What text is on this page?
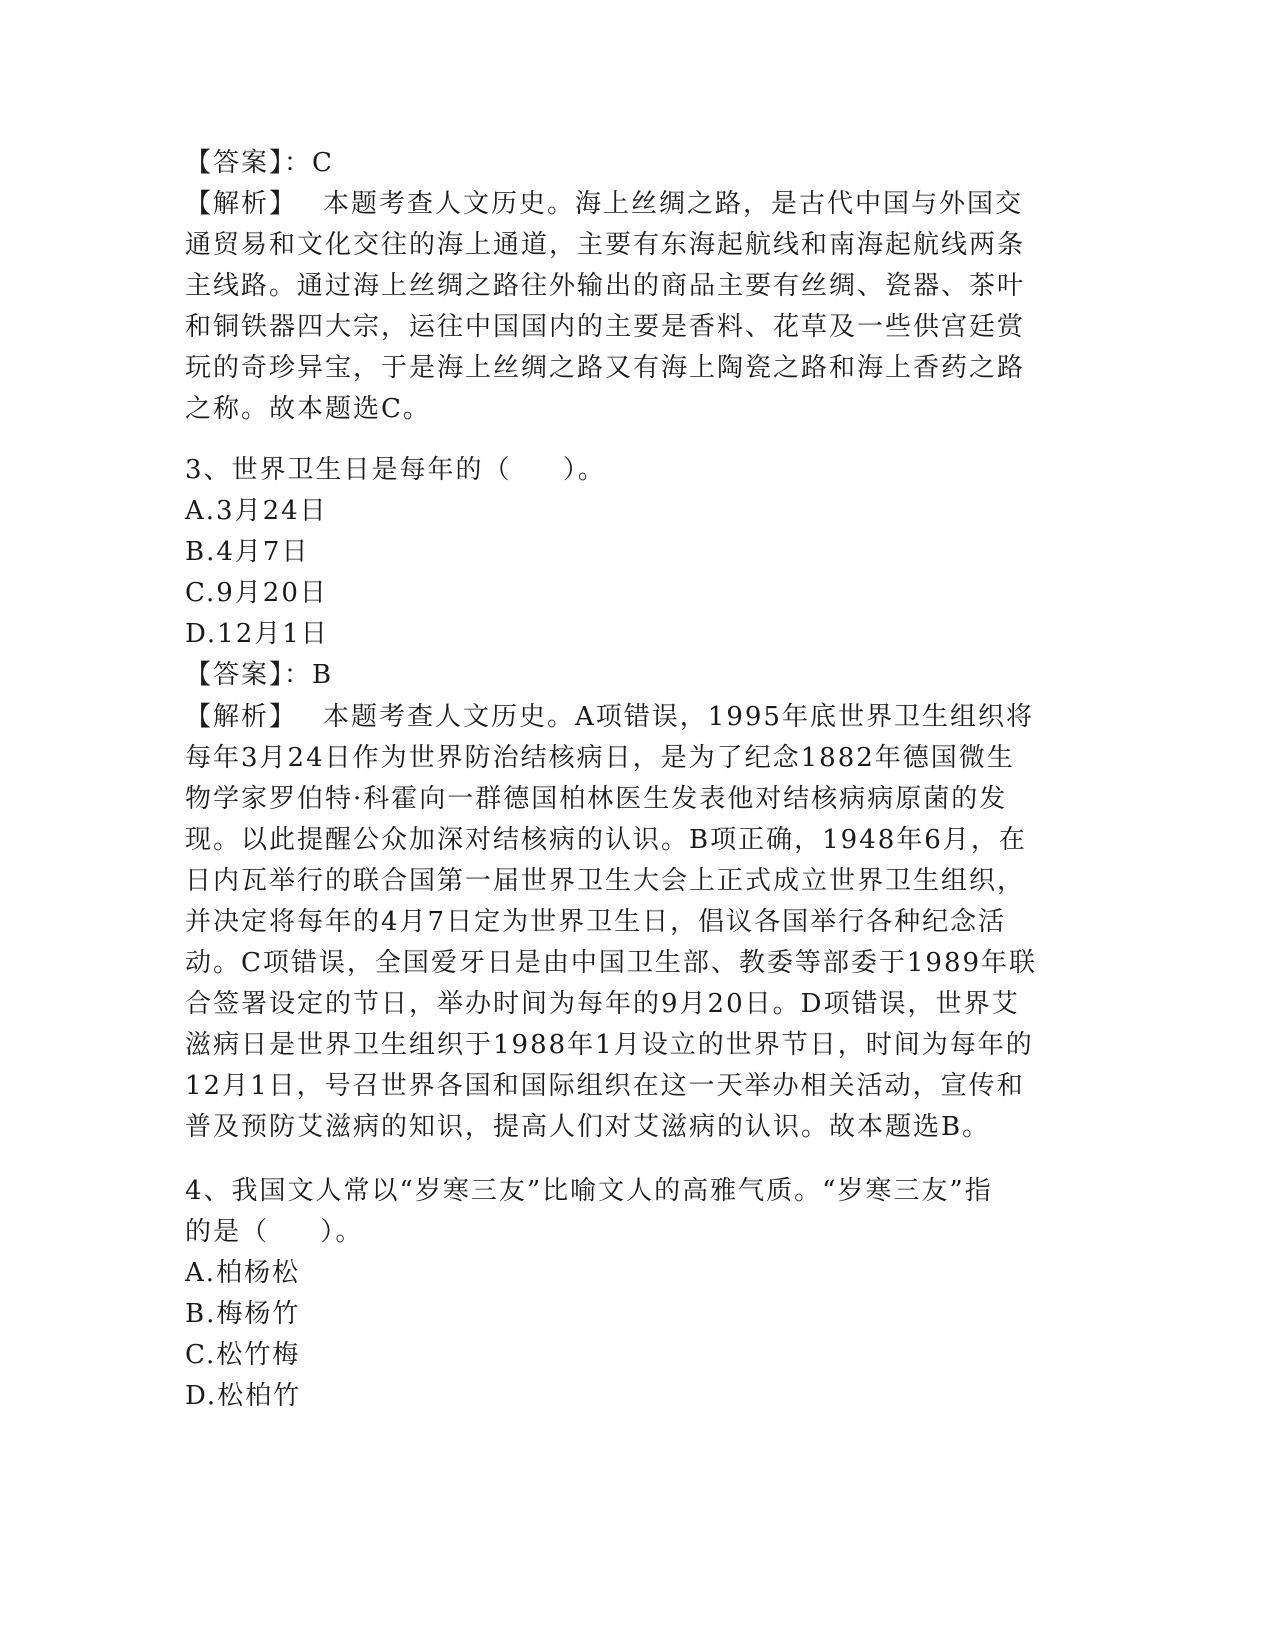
【答案】：C
【解析】 本题考查人文历史。海上丝绸之路，是古代中国与外国交
通贸易和文化交往的海上通道，主要有东海起航线和南海起航线两条
主线路。通过海上丝绸之路往外输出的商品主要有丝绸、瓷器、茶叶
和铜铁器四大宗，运往中国国内的主要是香料、花草及一些供宫廷赏
玩的奇珍异宝，于是海上丝绸之路又有海上陶瓷之路和海上香药之路
之称。故本题选C。
3、世界卫生日是每年的（     ）。
A.3月24日
B.4月7日
C.9月20日
D.12月1日
【答案】：B
【解析】 本题考查人文历史。A项错误，1995年底世界卫生组织将
每年3月24日作为世界防治结核病日，是为了纪念1882年德国微生
物学家罗伯特·科霍向一群德国柏林医生发表他对结核病病原菌的发
现。以此提醒公众加深对结核病的认识。B项正确，1948年6月，在
日内瓦举行的联合国第一届世界卫生大会上正式成立世界卫生组织，
并决定将每年的4月7日定为世界卫生日，倡议各国举行各种纪念活
动。C项错误，全国爱牙日是由中国卫生部、教委等部委于1989年联
合签署设定的节日，举办时间为每年的9月20日。D项错误，世界艾
滋病日是世界卫生组织于1988年1月设立的世界节日，时间为每年的
12月1日，号召世界各国和国际组织在这一天举办相关活动，宣传和
普及预防艾滋病的知识，提高人们对艾滋病的认识。故本题选B。
4、我国文人常以“岁寒三友”比喻文人的高雅气质。“岁寒三友”指
的是（     ）。
A.柏杨松
B.梅杨竹
C.松竹梅
D.松柏竹
